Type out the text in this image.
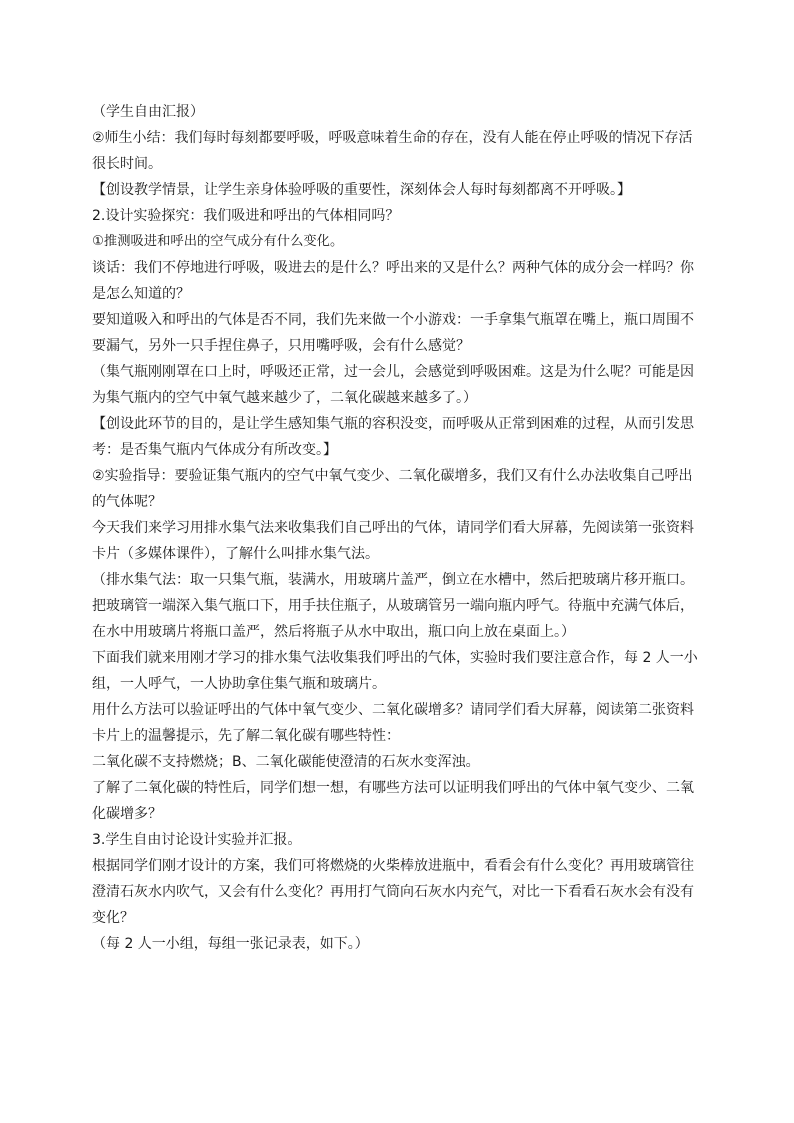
（学生自由汇报）
②师生小结：我们每时每刻都要呼吸，呼吸意味着生命的存在，没有人能在停止呼吸的情况下存活
很长时间。
【创设教学情景，让学生亲身体验呼吸的重要性，深刻体会人每时每刻都离不开呼吸。】
2.设计实验探究：我们吸进和呼出的气体相同吗？
①推测吸进和呼出的空气成分有什么变化。
谈话：我们不停地进行呼吸，吸进去的是什么？呼出来的又是什么？两种气体的成分会一样吗？你
是怎么知道的？
要知道吸入和呼出的气体是否不同，我们先来做一个小游戏：一手拿集气瓶罩在嘴上，瓶口周围不
要漏气，另外一只手捏住鼻子，只用嘴呼吸，会有什么感觉？
（集气瓶刚刚罩在口上时，呼吸还正常，过一会儿，会感觉到呼吸困难。这是为什么呢？可能是因
为集气瓶内的空气中氧气越来越少了，二氧化碳越来越多了。）
【创设此环节的目的，是让学生感知集气瓶的容积没变，而呼吸从正常到困难的过程，从而引发思
考：是否集气瓶内气体成分有所改变。】
②实验指导：要验证集气瓶内的空气中氧气变少、二氧化碳增多，我们又有什么办法收集自己呼出
的气体呢？
今天我们来学习用排水集气法来收集我们自己呼出的气体，请同学们看大屏幕，先阅读第一张资料
卡片（多媒体课件），了解什么叫排水集气法。
（排水集气法：取一只集气瓶，装满水，用玻璃片盖严，倒立在水槽中，然后把玻璃片移开瓶口。
把玻璃管一端深入集气瓶口下，用手扶住瓶子，从玻璃管另一端向瓶内呼气。待瓶中充满气体后，
在水中用玻璃片将瓶口盖严，然后将瓶子从水中取出，瓶口向上放在桌面上。）
下面我们就来用刚才学习的排水集气法收集我们呼出的气体，实验时我们要注意合作，每 2 人一小
组，一人呼气，一人协助拿住集气瓶和玻璃片。
用什么方法可以验证呼出的气体中氧气变少、二氧化碳增多？请同学们看大屏幕，阅读第二张资料
卡片上的温馨提示，先了解二氧化碳有哪些特性：
二氧化碳不支持燃烧；B、二氧化碳能使澄清的石灰水变浑浊。
了解了二氧化碳的特性后，同学们想一想，有哪些方法可以证明我们呼出的气体中氧气变少、二氧
化碳增多？
3.学生自由讨论设计实验并汇报。
根据同学们刚才设计的方案，我们可将燃烧的火柴棒放进瓶中，看看会有什么变化？再用玻璃管往
澄清石灰水内吹气，又会有什么变化？再用打气筒向石灰水内充气，对比一下看看石灰水会有没有
变化？
（每 2 人一小组，每组一张记录表，如下。）
